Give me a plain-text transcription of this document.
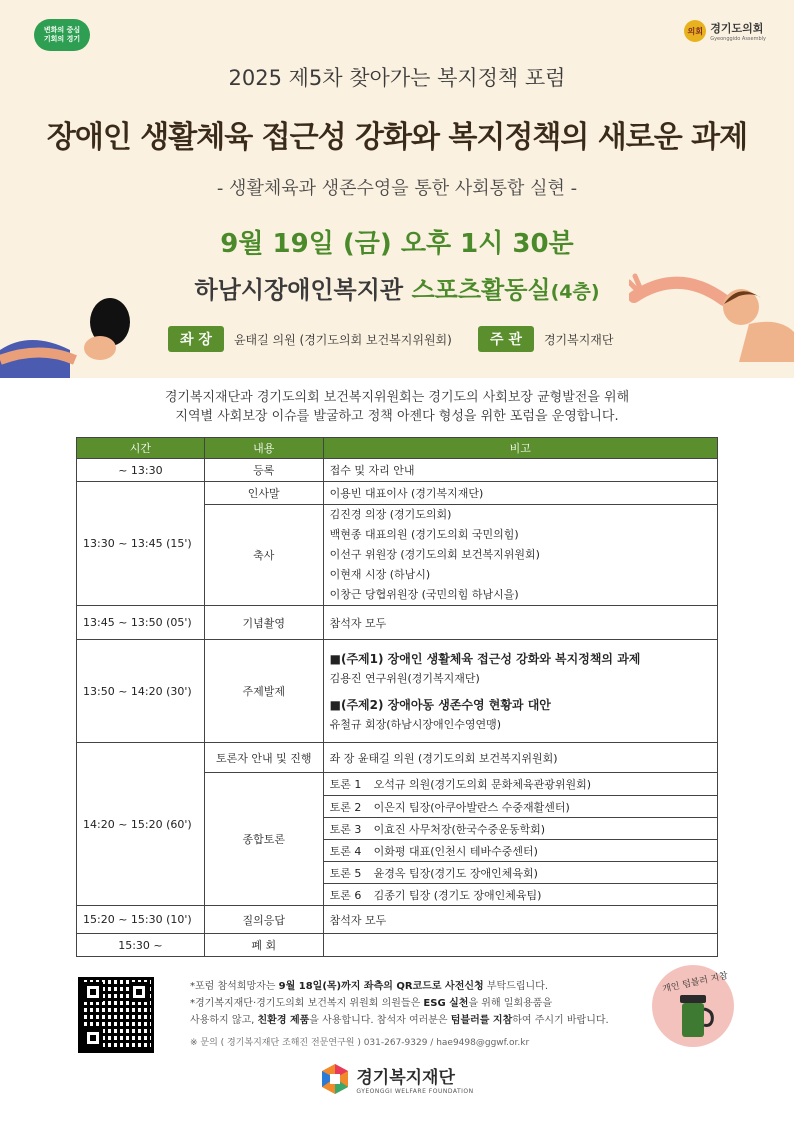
변화의 중심
기회의 경기
의회 경기도의회
Gyeonggido Assembly
2025 제5차 찾아가는 복지정책 포럼
장애인 생활체육 접근성 강화와 복지정책의 새로운 과제
- 생활체육과 생존수영을 통한 사회통합 실현 -
9월 19일 (금) 오후 1시 30분
하남시장애인복지관 스포츠활동실(4층)
좌 장	윤태길 의원 (경기도의회 보건복지위원회)	주 관	경기복지재단
경기복지재단과 경기도의회 보건복지위원회는 경기도의 사회보장 균형발전을 위해
지역별 사회보장 이슈를 발굴하고 정책 아젠다 형성을 위한 포럼을 운영합니다.
시간	내용	비고
~ 13:30	등록	접수 및 자리 안내
13:30 ~ 13:45 (15')	인사말	이용빈 대표이사 (경기복지재단)
	축사	김진경 의장 (경기도의회)
백현종 대표의원 (경기도의회 국민의힘)
이선구 위원장 (경기도의회 보건복지위원회)
이현재 시장 (하남시)
이창근 당협위원장 (국민의힘 하남시을)

13:45 ~ 13:50 (05')	기념촬영	참석자 모두
13:50 ~ 14:20 (30')	주제발제	■(주제1) 장애인 생활체육 접근성 강화와 복지정책의 과제
김용진 연구위원(경기복지재단)
■(주제2) 장애아동 생존수영 현황과 대안
유철규 회장(하남시장애인수영연맹)

14:20 ~ 15:20 (60')	토론자 안내 및 진행	좌 장 윤태길 의원 (경기도의회 보건복지위원회)
	종합토론	토론 1 오석규 의원(경기도의회 문화체육관광위원회)

		토론 2 이은지 팀장(아쿠아발란스 수중재활센터)

		토론 3 이효진 사무처장(한국수중운동학회)

		토론 4 이화평 대표(인천시 테바수중센터)

		토론 5 윤경옥 팀장(경기도 장애인체육회)

		토론 6 김종기 팀장 (경기도 장애인체육팀)

15:20 ~ 15:30 (10')	질의응답	참석자 모두
15:30 ~	폐 회	
*포럼 참석희망자는 9월 18일(목)까지 좌측의 QR코드로 사전신청 부탁드립니다.
*경기복지재단·경기도의회 보건복지 위원회 의원들은 ESG 실천을 위해 일회용품을
사용하지 않고, 친환경 제품을 사용합니다. 참석자 여러분은 텀블러를 지참하여 주시기 바랍니다.
※ 문의 ( 경기복지재단 조해진 전문연구원 ) 031-267-9329 / hae9498@ggwf.or.kr
개인 텀블러 지참
경기복지재단
GYEONGGI WELFARE FOUNDATION
